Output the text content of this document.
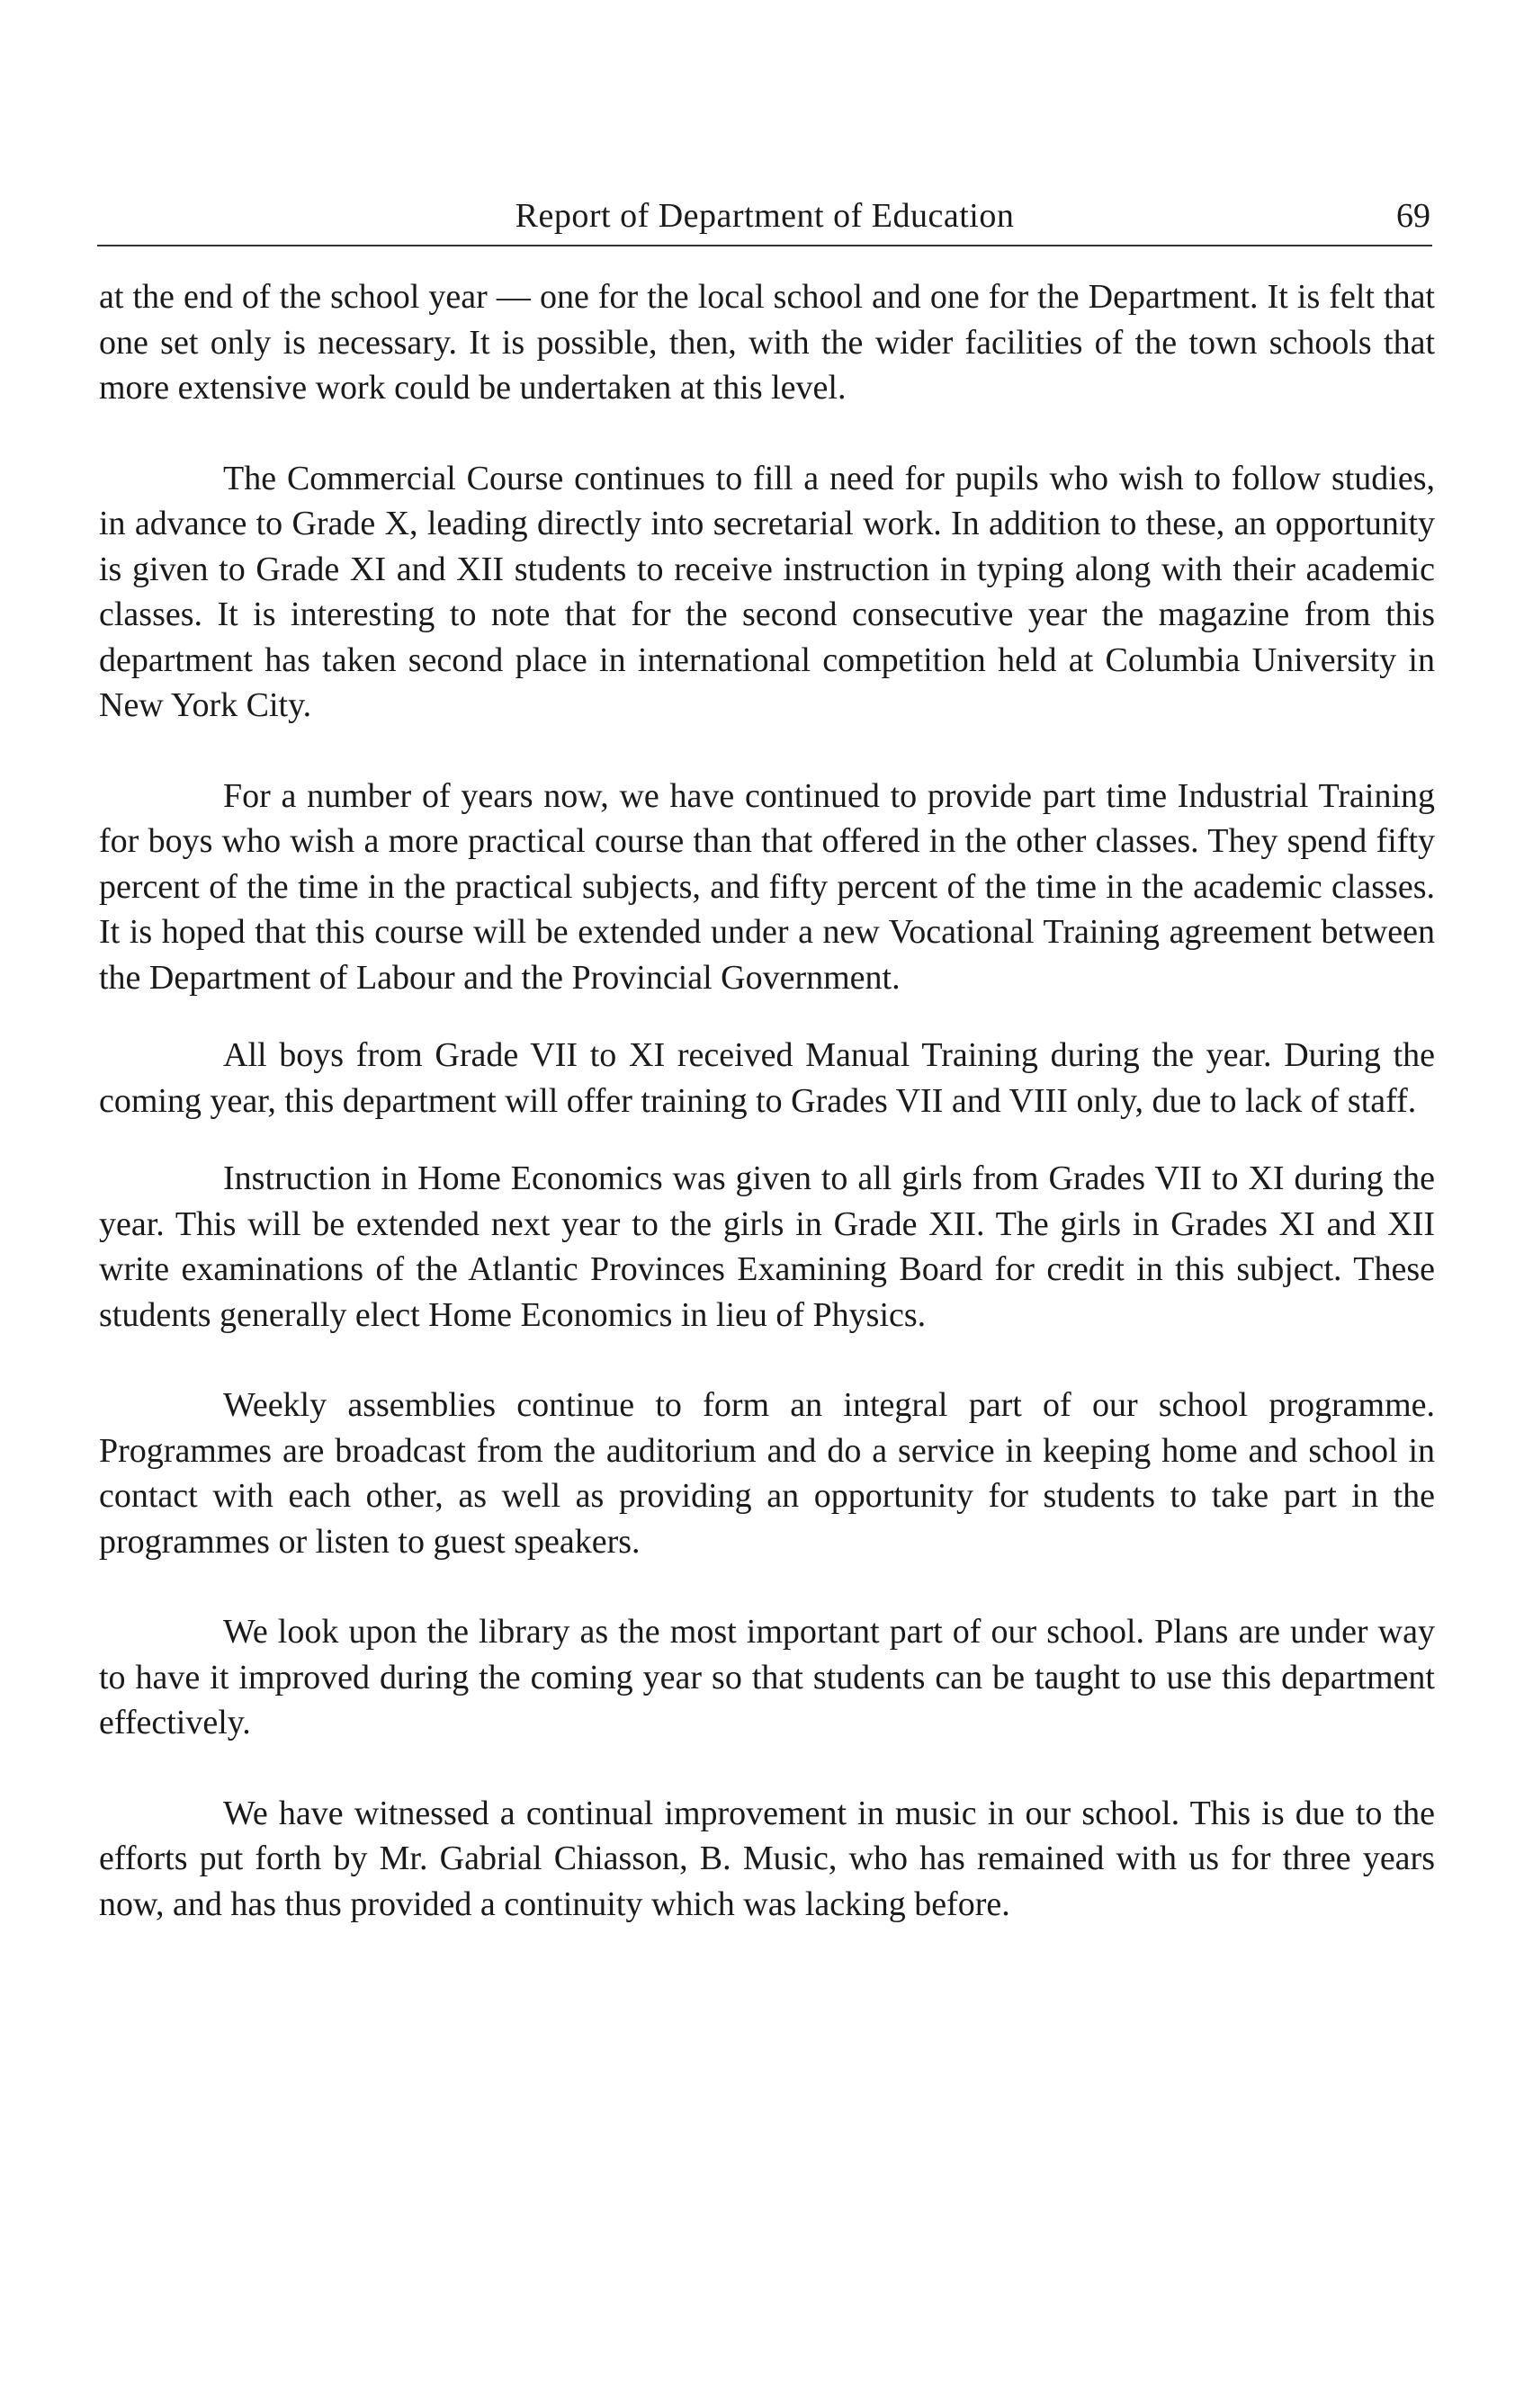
Report of Department of Education	69

at the end of the school year — one for the local school and one for the Department. It is felt that one set only is necessary. It is possible, then, with the wider facilities of the town schools that more extensive work could be undertaken at this level.

The Commercial Course continues to fill a need for pupils who wish to follow studies, in advance to Grade X, leading directly into secretarial work. In addition to these, an opportunity is given to Grade XI and XII students to receive instruction in typing along with their academic classes. It is interesting to note that for the second consecutive year the magazine from this department has taken second place in international competition held at Columbia University in New York City.

For a number of years now, we have continued to provide part time Industrial Training for boys who wish a more practical course than that offered in the other classes. They spend fifty percent of the time in the practical subjects, and fifty percent of the time in the academic classes. It is hoped that this course will be extended under a new Vocational Training agreement between the Department of Labour and the Provincial Government.

All boys from Grade VII to XI received Manual Training during the year. During the coming year, this department will offer training to Grades VII and VIII only, due to lack of staff.

Instruction in Home Economics was given to all girls from Grades VII to XI during the year. This will be extended next year to the girls in Grade XII. The girls in Grades XI and XII write examinations of the Atlantic Provinces Examining Board for credit in this subject. These students generally elect Home Economics in lieu of Physics.

Weekly assemblies continue to form an integral part of our school programme. Programmes are broadcast from the auditorium and do a service in keeping home and school in contact with each other, as well as providing an opportunity for students to take part in the programmes or listen to guest speakers.

We look upon the library as the most important part of our school. Plans are under way to have it improved during the coming year so that students can be taught to use this department effectively.

We have witnessed a continual improvement in music in our school. This is due to the efforts put forth by Mr. Gabrial Chiasson, B. Music, who has remained with us for three years now, and has thus provided a continuity which was lacking before.
